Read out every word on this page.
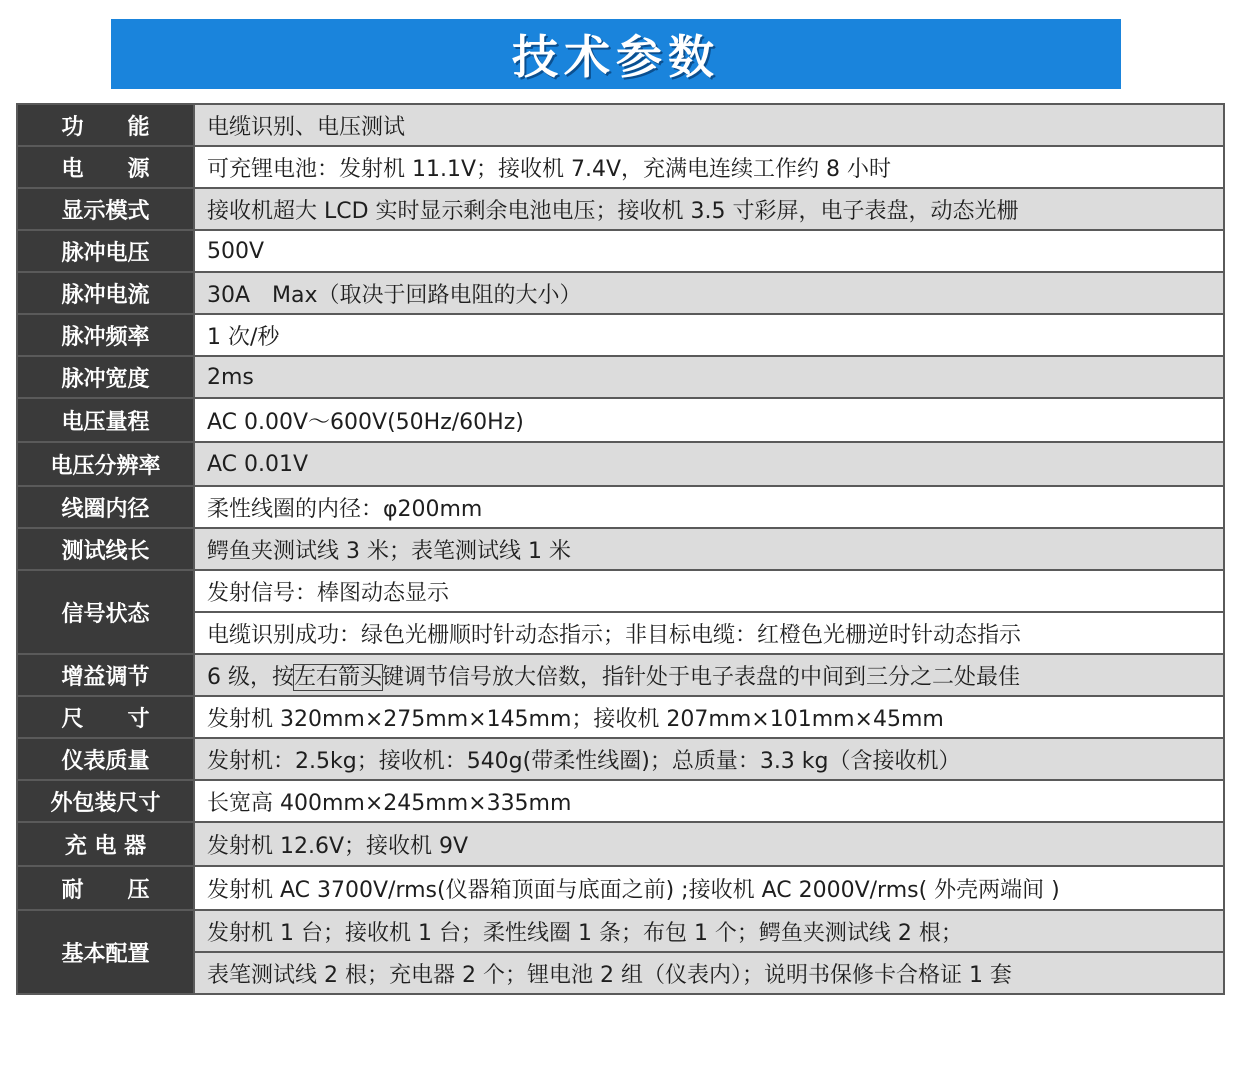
技术参数
功　　能	电缆识别、电压测试
电　　源	可充锂电池：发射机 11.1V；接收机 7.4V，充满电连续工作约 8 小时
显示模式	接收机超大 LCD 实时显示剩余电池电压；接收机 3.5 寸彩屏，电子表盘，动态光栅
脉冲电压	500V
脉冲电流	30A　Max（取决于回路电阻的大小）
脉冲频率	1 次/秒
脉冲宽度	2ms
电压量程	AC 0.00V～600V(50Hz/60Hz)
电压分辨率	AC 0.01V
线圈内径	柔性线圈的内径：φ200mm
测试线长	鳄鱼夹测试线 3 米；表笔测试线 1 米
信号状态	发射信号：棒图动态显示
	电缆识别成功：绿色光栅顺时针动态指示；非目标电缆：红橙色光栅逆时针动态指示
增益调节	6 级，按左右箭头键调节信号放大倍数，指针处于电子表盘的中间到三分之二处最佳
尺　　寸	发射机 320mm×275mm×145mm；接收机 207mm×101mm×45mm
仪表质量	发射机：2.5kg；接收机：540g(带柔性线圈)；总质量：3.3 kg（含接收机）
外包装尺寸	长宽高 400mm×245mm×335mm
充 电 器	发射机 12.6V；接收机 9V
耐　　压	发射机 AC 3700V/rms(仪器箱顶面与底面之前) ;接收机 AC 2000V/rms( 外壳两端间 )
基本配置	发射机 1 台；接收机 1 台；柔性线圈 1 条；布包 1 个；鳄鱼夹测试线 2 根；
	表笔测试线 2 根；充电器 2 个；锂电池 2 组（仪表内）；说明书保修卡合格证 1 套
